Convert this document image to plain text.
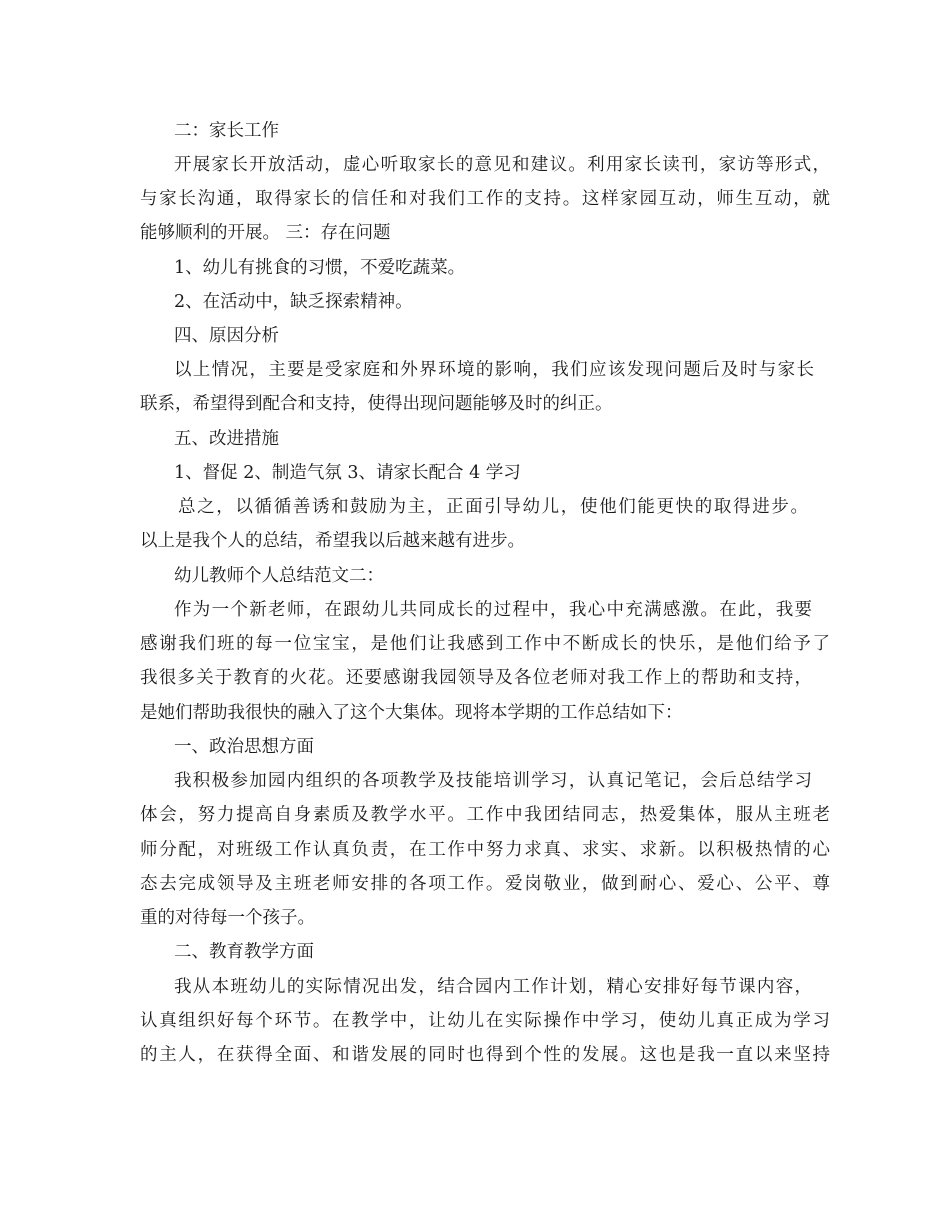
二：家长工作
开展家长开放活动，虚心听取家长的意见和建议。利用家长读刊，家访等形式，
与家长沟通，取得家长的信任和对我们工作的支持。这样家园互动，师生互动，就
能够顺利的开展。 三：存在问题
1、幼儿有挑食的习惯，不爱吃蔬菜。
2、在活动中，缺乏探索精神。
四、原因分析
以上情况，主要是受家庭和外界环境的影响，我们应该发现问题后及时与家长
联系，希望得到配合和支持，使得出现问题能够及时的纠正。
五、改进措施
1、督促 2、制造气氛 3、请家长配合 4 学习
总之，以循循善诱和鼓励为主，正面引导幼儿，使他们能更快的取得进步。
以上是我个人的总结，希望我以后越来越有进步。
幼儿教师个人总结范文二：
作为一个新老师，在跟幼儿共同成长的过程中，我心中充满感激。在此，我要
感谢我们班的每一位宝宝，是他们让我感到工作中不断成长的快乐，是他们给予了
我很多关于教育的火花。还要感谢我园领导及各位老师对我工作上的帮助和支持，
是她们帮助我很快的融入了这个大集体。现将本学期的工作总结如下：
一、政治思想方面
我积极参加园内组织的各项教学及技能培训学习，认真记笔记，会后总结学习
体会，努力提高自身素质及教学水平。工作中我团结同志，热爱集体，服从主班老
师分配，对班级工作认真负责，在工作中努力求真、求实、求新。以积极热情的心
态去完成领导及主班老师安排的各项工作。爱岗敬业，做到耐心、爱心、公平、尊
重的对待每一个孩子。
二、教育教学方面
我从本班幼儿的实际情况出发，结合园内工作计划，精心安排好每节课内容，
认真组织好每个环节。在教学中，让幼儿在实际操作中学习，使幼儿真正成为学习
的主人，在获得全面、和谐发展的同时也得到个性的发展。这也是我一直以来坚持
